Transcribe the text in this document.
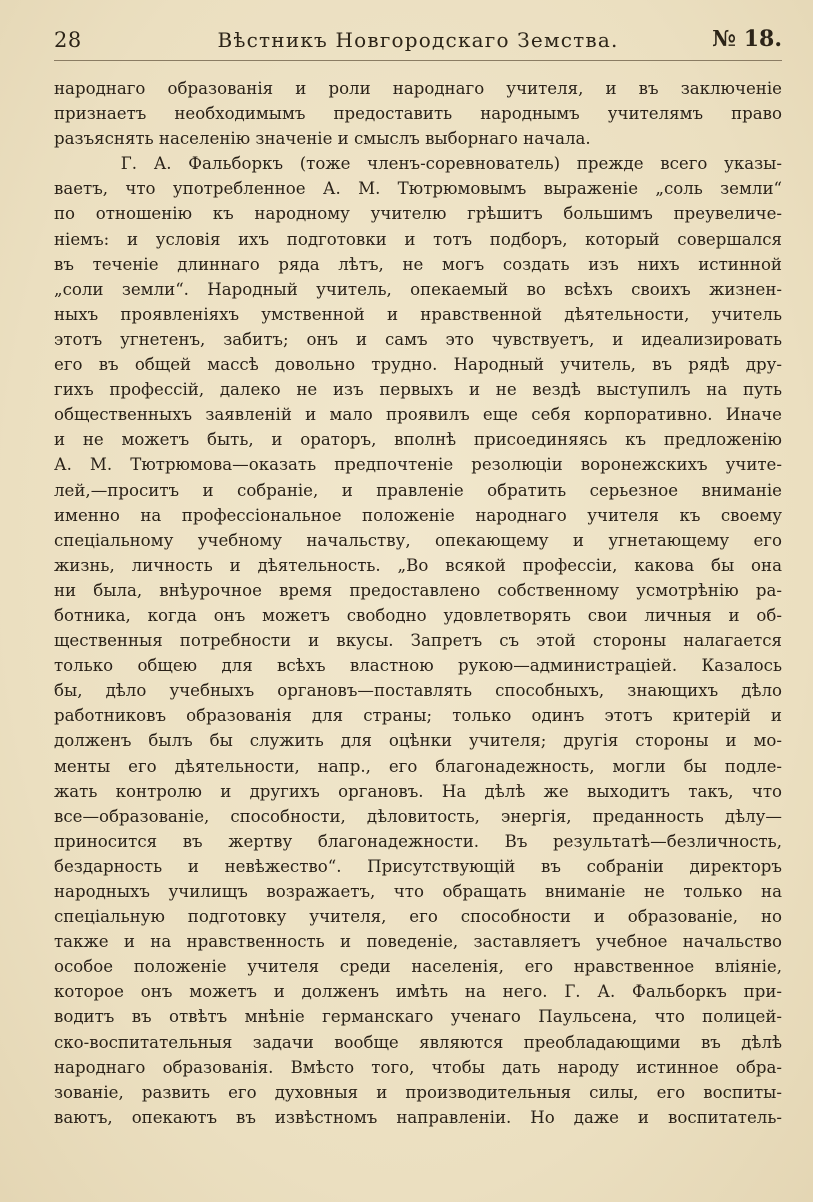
28	Вѣстникъ Новгородскаго Земства.	№ 18.
народнаго образованія и роли народнаго учителя, и въ заключеніе
признаетъ необходимымъ предоставить народнымъ учителямъ право
разъяснять населенію значеніе и смыслъ выборнаго начала.
Г. А. Фальборкъ (тоже членъ-соревнователь) прежде всего указы-
ваетъ, что употребленное А. М. Тютрюмовымъ выраженіе „соль земли“
по отношенію къ народному учителю грѣшитъ большимъ преувеличе-
ніемъ: и условія ихъ подготовки и тотъ подборъ, который совершался
въ теченіе длиннаго ряда лѣтъ, не могъ создать изъ нихъ истинной
„соли земли“. Народный учитель, опекаемый во всѣхъ своихъ жизнен-
ныхъ проявленіяхъ умственной и нравственной дѣятельности, учитель
этотъ угнетенъ, забитъ; онъ и самъ это чувствуетъ, и идеализировать
его въ общей массѣ довольно трудно. Народный учитель, въ рядѣ дру-
гихъ профессій, далеко не изъ первыхъ и не вездѣ выступилъ на путь
общественныхъ заявленій и мало проявилъ еще себя корпоративно. Иначе
и не можетъ быть, и ораторъ, вполнѣ присоединяясь къ предложенію
А. М. Тютрюмова—оказать предпочтеніе резолюціи воронежскихъ учите-
лей,—проситъ и собраніе, и правленіе обратить серьезное вниманіе
именно на профессіональное положеніе народнаго учителя къ своему
спеціальному учебному начальству, опекающему и угнетающему его
жизнь, личность и дѣятельность. „Во всякой профессіи, какова бы она
ни была, внѣурочное время предоставлено собственному усмотрѣнію ра-
ботника, когда онъ можетъ свободно удовлетворять свои личныя и об-
щественныя потребности и вкусы. Запретъ съ этой стороны налагается
только общею для всѣхъ властною рукою—администраціей. Казалось
бы, дѣло учебныхъ органовъ—поставлять способныхъ, знающихъ дѣло
работниковъ образованія для страны; только одинъ этотъ критерій и
долженъ былъ бы служить для оцѣнки учителя; другія стороны и мо-
менты его дѣятельности, напр., его благонадежность, могли бы подле-
жать контролю и другихъ органовъ. На дѣлѣ же выходитъ такъ, что
все—образованіе, способности, дѣловитость, энергія, преданность дѣлу—
приносится въ жертву благонадежности. Въ результатѣ—безличность,
бездарность и невѣжество“. Присутствующій въ собраніи директоръ
народныхъ училищъ возражаетъ, что обращать вниманіе не только на
спеціальную подготовку учителя, его способности и образованіе, но
также и на нравственность и поведеніе, заставляетъ учебное начальство
особое положеніе учителя среди населенія, его нравственное вліяніе,
которое онъ можетъ и долженъ имѣть на него. Г. А. Фальборкъ при-
водитъ въ отвѣтъ мнѣніе германскаго ученаго Паульсена, что полицей-
ско-воспитательныя задачи вообще являются преобладающими въ дѣлѣ
народнаго образованія. Вмѣсто того, чтобы дать народу истинное обра-
зованіе, развить его духовныя и производительныя силы, его воспиты-
ваютъ, опекаютъ въ извѣстномъ направленіи. Но даже и воспитатель-
